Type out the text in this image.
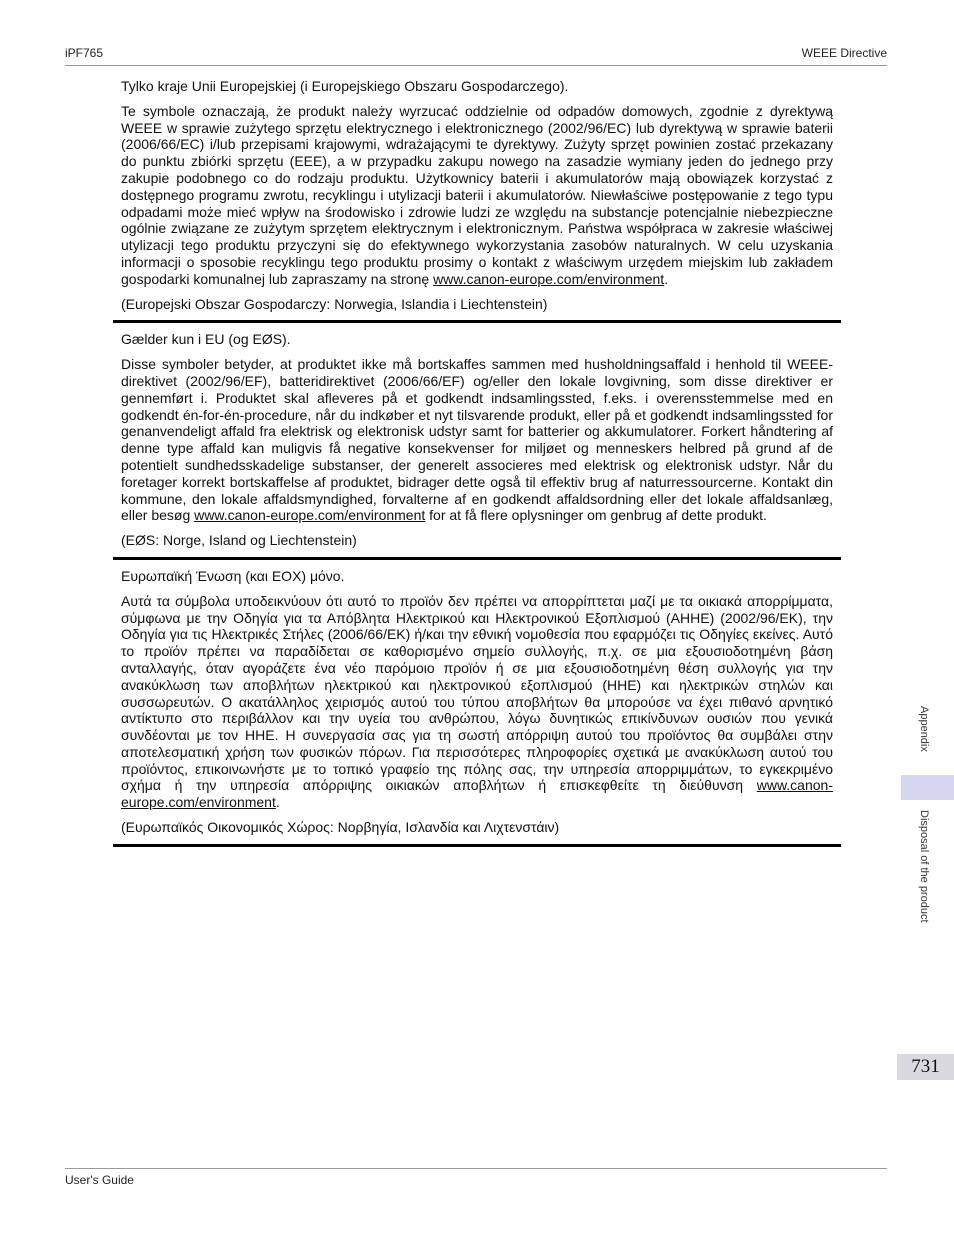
iPF765	WEEE Directive

Tylko kraje Unii Europejskiej (i Europejskiego Obszaru Gospodarczego).

Te symbole oznaczają, że produkt należy wyrzucać oddzielnie od odpadów domowych, zgodnie z dyrektywą WEEE w sprawie zużytego sprzętu elektrycznego i elektronicznego (2002/96/EC) lub dyrektywą w sprawie baterii (2006/66/EC) i/lub przepisami krajowymi, wdrażającymi te dyrektywy. Zużyty sprzęt powinien zostać przekazany do punktu zbiórki sprzętu (EEE), a w przypadku zakupu nowego na zasadzie wymiany jeden do jednego przy zakupie podobnego co do rodzaju produktu. Użytkownicy baterii i akumulatorów mają obowiązek korzystać z dostępnego programu zwrotu, recyklingu i utylizacji baterii i akumulatorów. Niewłaściwe postępowanie z tego typu odpadami może mieć wpływ na środowisko i zdrowie ludzi ze względu na substancje potencjalnie niebezpieczne ogólnie związane ze zużytym sprzętem elektrycznym i elektronicznym. Państwa współpraca w zakresie właściwej utylizacji tego produktu przyczyni się do efektywnego wykorzystania zasobów naturalnych. W celu uzyskania informacji o sposobie recyklingu tego produktu prosimy o kontakt z właściwym urzędem miejskim lub zakładem gospodarki komunalnej lub zapraszamy na stronę www.canon-europe.com/environment.

(Europejski Obszar Gospodarczy: Norwegia, Islandia i Liechtenstein)

Gælder kun i EU (og EØS).

Disse symboler betyder, at produktet ikke må bortskaffes sammen med husholdningsaffald i henhold til WEEE-direktivet (2002/96/EF), batteridirektivet (2006/66/EF) og/eller den lokale lovgivning, som disse direktiver er gennemført i. Produktet skal afleveres på et godkendt indsamlingssted, f.eks. i overensstemmelse med en godkendt én-for-én-procedure, når du indkøber et nyt tilsvarende produkt, eller på et godkendt indsamlingssted for genanvendeligt affald fra elektrisk og elektronisk udstyr samt for batterier og akkumulatorer. Forkert håndtering af denne type affald kan muligvis få negative konsekvenser for miljøet og menneskers helbred på grund af de potentielt sundhedsskadelige substanser, der generelt associeres med elektrisk og elektronisk udstyr. Når du foretager korrekt bortskaffelse af produktet, bidrager dette også til effektiv brug af naturressourcerne. Kontakt din kommune, den lokale affaldsmyndighed, forvalterne af en godkendt affaldsordning eller det lokale affaldsanlæg, eller besøg www.canon-europe.com/environment for at få flere oplysninger om genbrug af dette produkt.

(EØS: Norge, Island og Liechtenstein)

Ευρωπαϊκή Ένωση (και ΕΟΧ) μόνο.

Αυτά τα σύμβολα υποδεικνύουν ότι αυτό το προϊόν δεν πρέπει να απορρίπτεται μαζί με τα οικιακά απορρίμματα, σύμφωνα με την Οδηγία για τα Απόβλητα Ηλεκτρικού και Ηλεκτρονικού Εξοπλισμού (ΑΗΗΕ) (2002/96/ΕΚ), την Οδηγία για τις Ηλεκτρικές Στήλες (2006/66/ΕΚ) ή/και την εθνική νομοθεσία που εφαρμόζει τις Οδηγίες εκείνες. Αυτό το προϊόν πρέπει να παραδίδεται σε καθορισμένο σημείο συλλογής, π.χ. σε μια εξουσιοδοτημένη βάση ανταλλαγής, όταν αγοράζετε ένα νέο παρόμοιο προϊόν ή σε μια εξουσιοδοτημένη θέση συλλογής για την ανακύκλωση των αποβλήτων ηλεκτρικού και ηλεκτρονικού εξοπλισμού (ΗΗΕ) και ηλεκτρικών στηλών και συσσωρευτών. Ο ακατάλληλος χειρισμός αυτού του τύπου αποβλήτων θα μπορούσε να έχει πιθανό αρνητικό αντίκτυπο στο περιβάλλον και την υγεία του ανθρώπου, λόγω δυνητικώς επικίνδυνων ουσιών που γενικά συνδέονται με τον ΗΗΕ. Η συνεργασία σας για τη σωστή απόρριψη αυτού του προϊόντος θα συμβάλει στην αποτελεσματική χρήση των φυσικών πόρων. Για περισσότερες πληροφορίες σχετικά με ανακύκλωση αυτού του προϊόντος, επικοινωνήστε με το τοπικό γραφείο της πόλης σας, την υπηρεσία απορριμμάτων, το εγκεκριμένο σχήμα ή την υπηρεσία απόρριψης οικιακών αποβλήτων ή επισκεφθείτε τη διεύθυνση www.canon-europe.com/environment.

(Ευρωπαϊκός Οικονομικός Χώρος: Νορβηγία, Ισλανδία και Λιχτενστάιν)

Appendix
Disposal of the product
731
User's Guide
